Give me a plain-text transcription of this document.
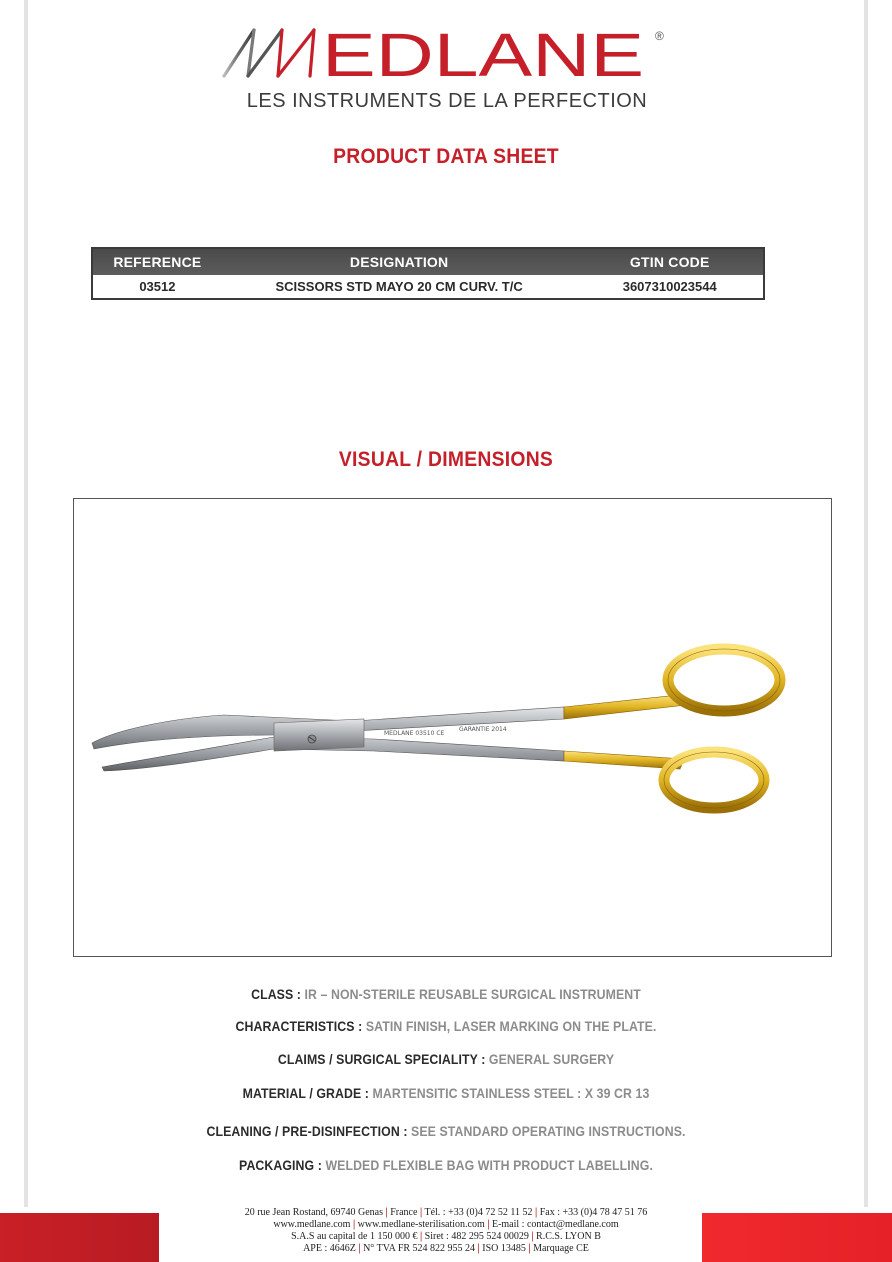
EDLANE ®
LES INSTRUMENTS DE LA PERFECTION
PRODUCT DATA SHEET
REFERENCE	DESIGNATION	GTIN CODE
03512	SCISSORS STD MAYO 20 CM CURV. T/C	3607310023544
VISUAL / DIMENSIONS
MEDLANE 03510 CE
GARANTIE 2014
CLASS : IR – NON-STERILE REUSABLE SURGICAL INSTRUMENT
CHARACTERISTICS : SATIN FINISH, LASER MARKING ON THE PLATE.
CLAIMS / SURGICAL SPECIALITY : GENERAL SURGERY
MATERIAL / GRADE : MARTENSITIC STAINLESS STEEL : X 39 CR 13
CLEANING / PRE-DISINFECTION : SEE STANDARD OPERATING INSTRUCTIONS.
PACKAGING : WELDED FLEXIBLE BAG WITH PRODUCT LABELLING.
20 rue Jean Rostand, 69740 Genas | France | Tél. : +33 (0)4 72 52 11 52 | Fax : +33 (0)4 78 47 51 76
www.medlane.com | www.medlane-sterilisation.com | E-mail : contact@medlane.com
S.A.S au capital de 1 150 000 € | Siret : 482 295 524 00029 | R.C.S. LYON B
APE : 4646Z | N° TVA FR 524 822 955 24 | ISO 13485 | Marquage CE
